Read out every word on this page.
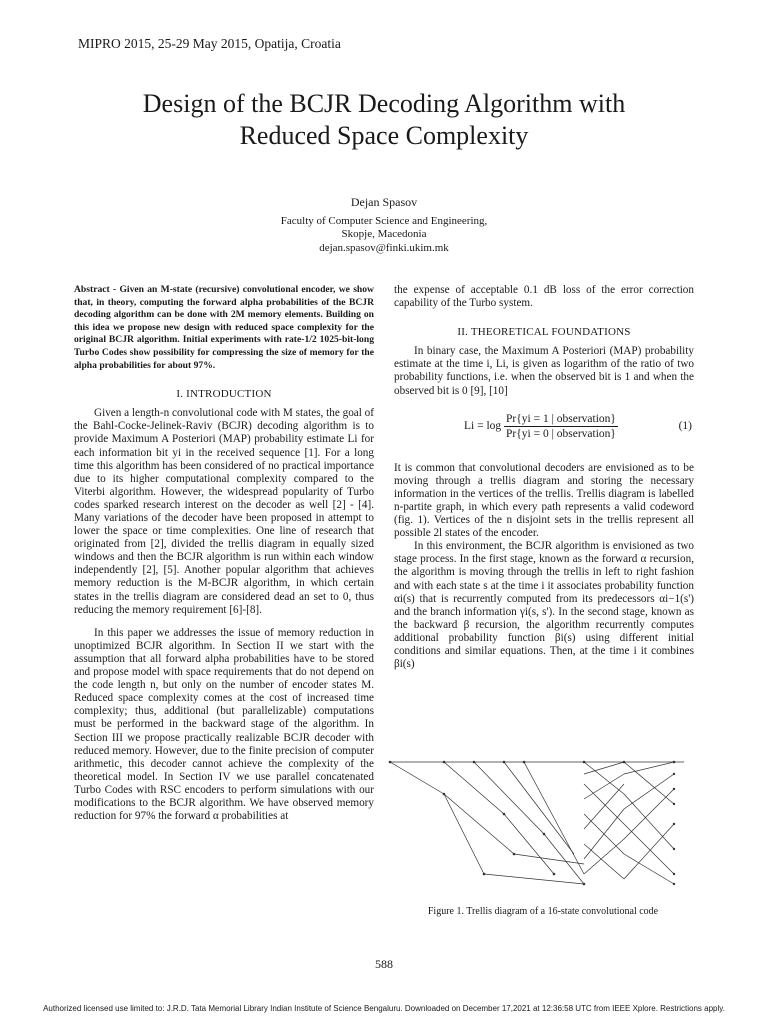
MIPRO 2015, 25-29 May 2015, Opatija, Croatia
Design of the BCJR Decoding Algorithm with
Reduced Space Complexity
Dejan Spasov
Faculty of Computer Science and Engineering,
Skopje, Macedonia
dejan.spasov@finki.ukim.mk

Abstract - Given an M-state (recursive) convolutional encoder, we show that, in theory, computing the forward alpha probabilities of the BCJR decoding algorithm can be done with 2M memory elements. Building on this idea we propose new design with reduced space complexity for the original BCJR algorithm. Initial experiments with rate-1/2 1025-bit-long Turbo Codes show possibility for compressing the size of memory for the alpha probabilities for about 97%.

I. INTRODUCTION

Given a length-n convolutional code with M states, the goal of the Bahl-Cocke-Jelinek-Raviv (BCJR) decoding algorithm is to provide Maximum A Posteriori (MAP) probability estimate Li for each information bit yi in the received sequence [1]. For a long time this algorithm has been considered of no practical importance due to its higher computational complexity compared to the Viterbi algorithm. However, the widespread popularity of Turbo codes sparked research interest on the decoder as well [2] - [4]. Many variations of the decoder have been proposed in attempt to lower the space or time complexities. One line of research that originated from [2], divided the trellis diagram in equally sized windows and then the BCJR algorithm is run within each window independently [2], [5]. Another popular algorithm that achieves memory reduction is the M-BCJR algorithm, in which certain states in the trellis diagram are considered dead an set to 0, thus reducing the memory requirement [6]-[8].

In this paper we addresses the issue of memory reduction in unoptimized BCJR algorithm. In Section II we start with the assumption that all forward alpha probabilities have to be stored and propose model with space requirements that do not depend on the code length n, but only on the number of encoder states M. Reduced space complexity comes at the cost of increased time complexity; thus, additional (but parallelizable) computations must be performed in the backward stage of the algorithm. In Section III we propose practically realizable BCJR decoder with reduced memory. However, due to the finite precision of computer arithmetic, this decoder cannot achieve the complexity of the theoretical model. In Section IV we use parallel concatenated Turbo Codes with RSC encoders to perform simulations with our modifications to the BCJR algorithm. We have observed memory reduction for 97% the forward α probabilities at

the expense of acceptable 0.1 dB loss of the error correction capability of the Turbo system.

II. THEORETICAL FOUNDATIONS

In binary case, the Maximum A Posteriori (MAP) probability estimate at the time i, Li, is given as logarithm of the ratio of two probability functions, i.e. when the observed bit is 1 and when the observed bit is 0 [9], [10]

$Li = \log \frac{\text{Pr\{yi = 1 | observation\}}}{\text{Pr\{yi = 0 | observation\}}}$	(1)

It is common that convolutional decoders are envisioned as to be moving through a trellis diagram and storing the necessary information in the vertices of the trellis. Trellis diagram is labelled n-partite graph, in which every path represents a valid codeword (fig. 1). Vertices of the n disjoint sets in the trellis represent all possible 2l states of the encoder.

In this environment, the BCJR algorithm is envisioned as two stage process. In the first stage, known as the forward α recursion, the algorithm is moving through the trellis in left to right fashion and with each state s at the time i it associates probability function αi(s) that is recurrently computed from its predecessors αi−1(s') and the branch information γi(s, s'). In the second stage, known as the backward β recursion, the algorithm recurrently computes additional probability function βi(s) using different initial conditions and similar equations. Then, at the time i it combines βi(s)

Figure 1. Trellis diagram of a 16-state convolutional code
588
Authorized licensed use limited to: J.R.D. Tata Memorial Library Indian Institute of Science Bengaluru. Downloaded on December 17,2021 at 12:36:58 UTC from IEEE Xplore. Restrictions apply.
